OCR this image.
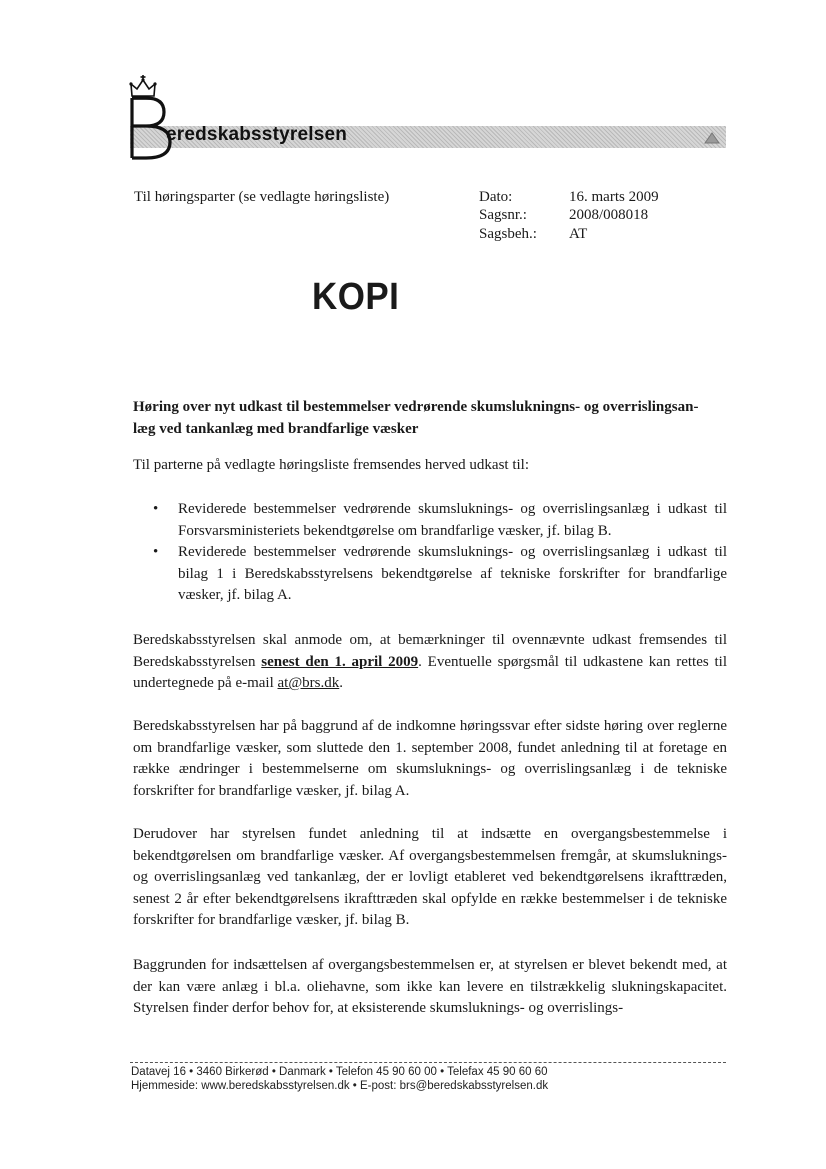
eredskabsstyrelsen
Til høringsparter (se vedlagte høringsliste)	Dato:	16. marts 2009
Sagsnr.:	2008/008018
Sagsbeh.: AT
KOPI
Høring over nyt udkast til bestemmelser vedrørende skumslukningns- og overrislingsan-
læg ved tankanlæg med brandfarlige væsker
Til parterne på vedlagte høringsliste fremsendes herved udkast til:
• Reviderede bestemmelser vedrørende skumsluknings- og overrislingsanlæg i udkast til Forsvarsministeriets bekendtgørelse om brandfarlige væsker, jf. bilag B.
• Reviderede bestemmelser vedrørende skumsluknings- og overrislingsanlæg i udkast til bilag 1 i Beredskabsstyrelsens bekendtgørelse af tekniske forskrifter for brandfarlige væsker, jf. bilag A.
Beredskabsstyrelsen skal anmode om, at bemærkninger til ovennævnte udkast fremsendes til Beredskabsstyrelsen senest den 1. april 2009. Eventuelle spørgsmål til udkastene kan rettes til undertegnede på e-mail at@brs.dk.
Beredskabsstyrelsen har på baggrund af de indkomne høringssvar efter sidste høring over reglerne om brandfarlige væsker, som sluttede den 1. september 2008, fundet anledning til at foretage en række ændringer i bestemmelserne om skumsluknings- og overrislingsanlæg i de tekniske forskrifter for brandfarlige væsker, jf. bilag A.
Derudover har styrelsen fundet anledning til at indsætte en overgangsbestemmelse i bekendtgørelsen om brandfarlige væsker. Af overgangsbestemmelsen fremgår, at skumsluknings- og overrislingsanlæg ved tankanlæg, der er lovligt etableret ved bekendtgørelsens ikrafttræden, senest 2 år efter bekendtgørelsens ikrafttræden skal opfylde en række bestemmelser i de tekniske forskrifter for brandfarlige væsker, jf. bilag B.
Baggrunden for indsættelsen af overgangsbestemmelsen er, at styrelsen er blevet bekendt med, at der kan være anlæg i bl.a. oliehavne, som ikke kan levere en tilstrækkelig slukningskapacitet. Styrelsen finder derfor behov for, at eksisterende skumsluknings- og overrislings-
Datavej 16 • 3460 Birkerød • Danmark • Telefon 45 90 60 00 • Telefax 45 90 60 60
Hjemmeside: www.beredskabsstyrelsen.dk • E-post: brs@beredskabsstyrelsen.dk
